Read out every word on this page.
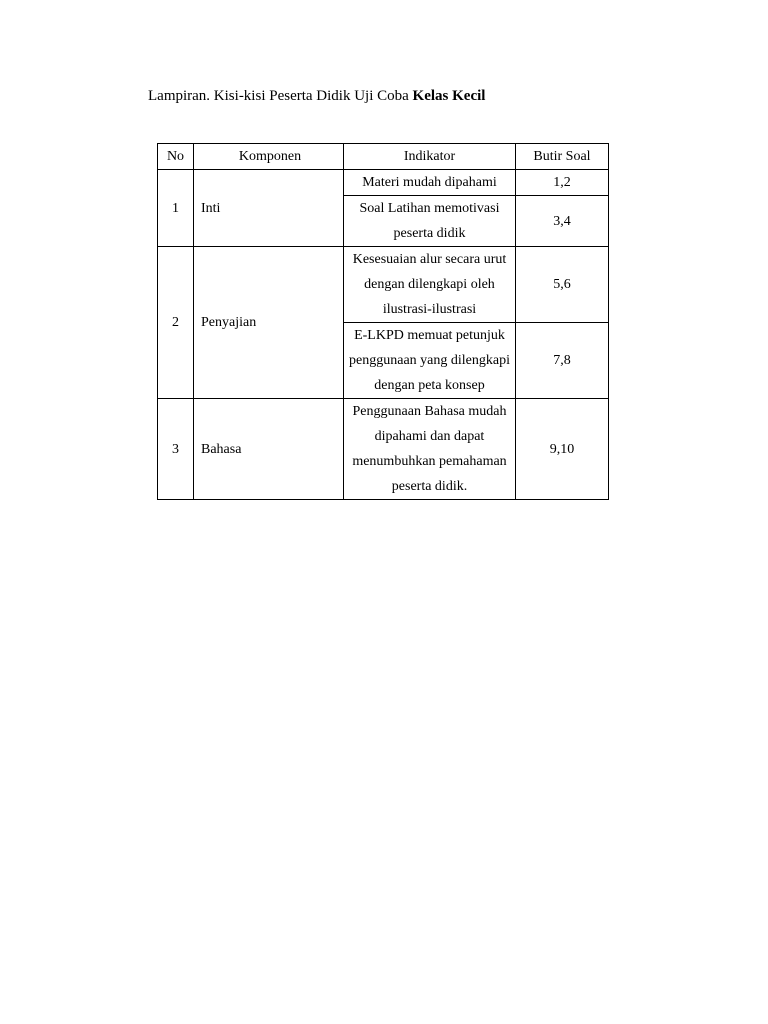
Lampiran. Kisi-kisi Peserta Didik Uji Coba Kelas Kecil
No	Komponen	Indikator	Butir Soal
1	Inti	Materi mudah dipahami	1,2
		Soal Latihan memotivasi peserta didik	3,4
2	Penyajian	Kesesuaian alur secara urut dengan dilengkapi oleh ilustrasi-ilustrasi	5,6
		E-LKPD memuat petunjuk penggunaan yang dilengkapi dengan peta konsep	7,8
3	Bahasa	Penggunaan Bahasa mudah dipahami dan dapat menumbuhkan pemahaman peserta didik.	9,10
